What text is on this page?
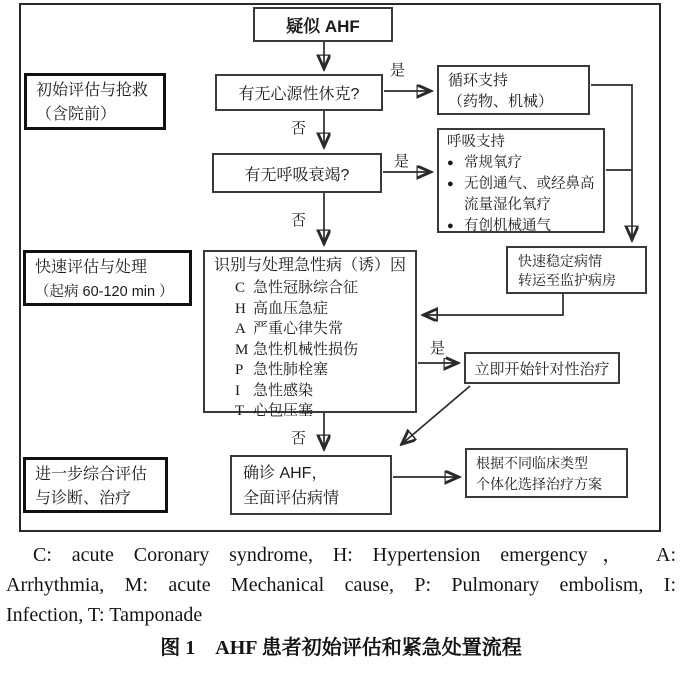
是
否
是
否
是
否
疑似 AHF
初始评估与抢救
（含院前）
有无心源性休克?
循环支持
（药物、机械）
有无呼吸衰竭?
呼吸支持
● 常规氧疗
● 无创通气、或经鼻高流量湿化氧疗
● 有创机械通气
快速评估与处理
（起病 60-120 min ）
识别与处理急性病（诱）因
C 急性冠脉综合征
H 高血压急症
A 严重心律失常
M 急性机械性损伤
P 急性肺栓塞
I 急性感染
T 心包压塞
快速稳定病情
转运至监护病房
立即开始针对性治疗
确诊 AHF，
全面评估病情
根据不同临床类型
个体化选择治疗方案
进一步综合评估
与诊断、治疗
C: acute Coronary syndrome, H: Hypertension emergency， A:
Arrhythmia, M: acute Mechanical cause, P: Pulmonary embolism, I:
Infection, T: Tamponade
图 1　AHF 患者初始评估和紧急处置流程
